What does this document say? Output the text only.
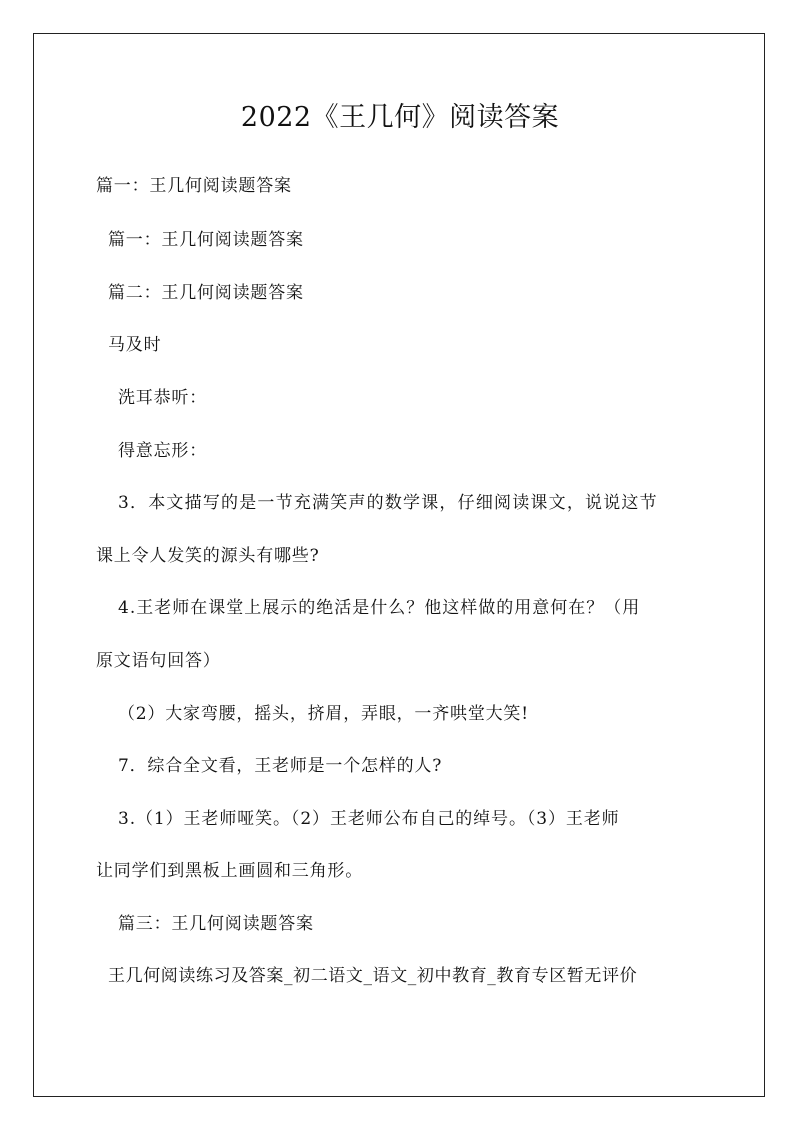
2022《王几何》阅读答案
篇一：王几何阅读题答案
篇一：王几何阅读题答案
篇二：王几何阅读题答案
马及时
洗耳恭听：
得意忘形：
3．本文描写的是一节充满笑声的数学课，仔细阅读课文，说说这节
课上令人发笑的源头有哪些?
4.王老师在课堂上展示的绝活是什么？他这样做的用意何在？（用
原文语句回答）
（2）大家弯腰，摇头，挤眉，弄眼，一齐哄堂大笑!
7．综合全文看，王老师是一个怎样的人?
3.（1）王老师哑笑。（2）王老师公布自己的绰号。（3）王老师
让同学们到黑板上画圆和三角形。
篇三：王几何阅读题答案
王几何阅读练习及答案_初二语文_语文_初中教育_教育专区暂无评价
